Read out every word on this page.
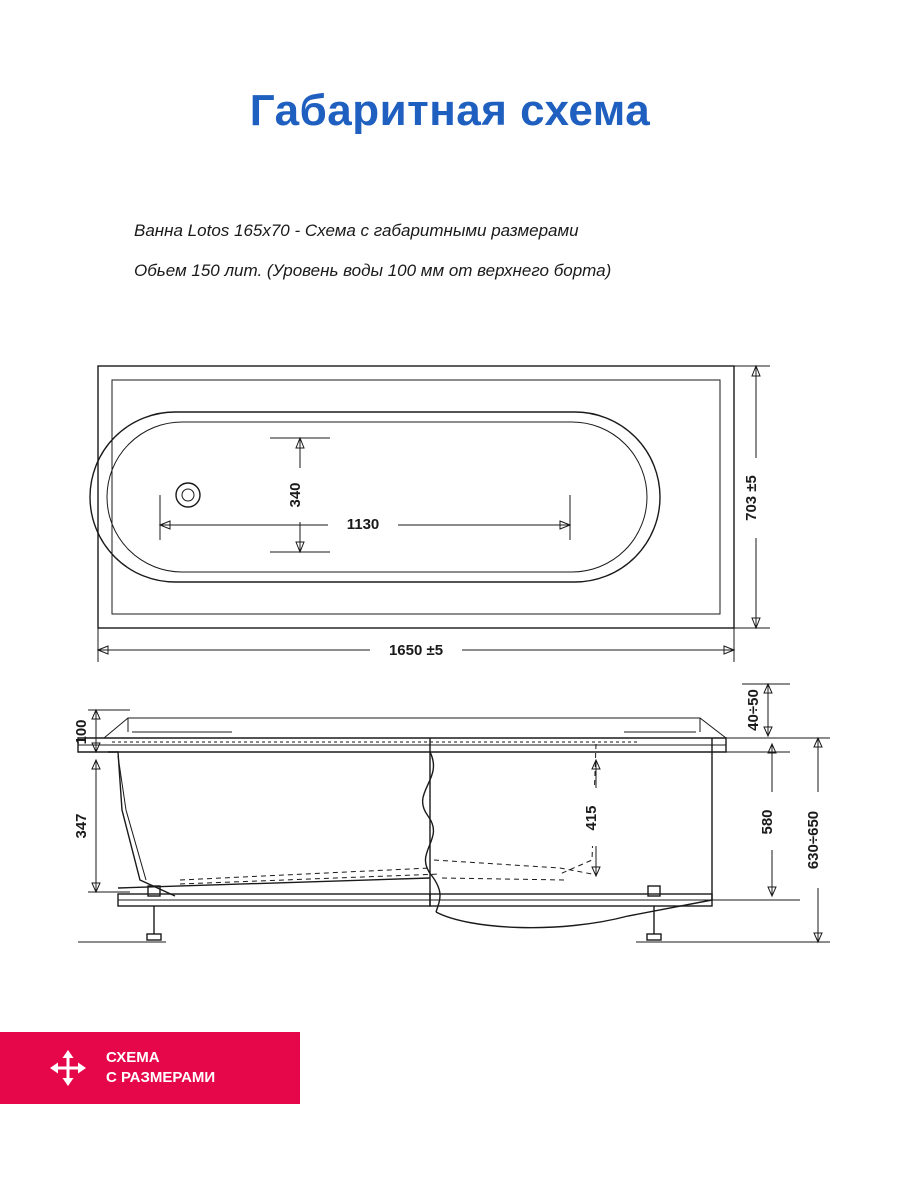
Габаритная схема
Ванна Lotos 165х70 - Схема с габаритными размерами
Обьем 150 лит. (Уровень воды 100 мм от верхнего борта)
1130
340	703 ±5
1650 ±5
100
347	415
40÷50
580 630÷650
СХЕМА
С РАЗМЕРАМИ
